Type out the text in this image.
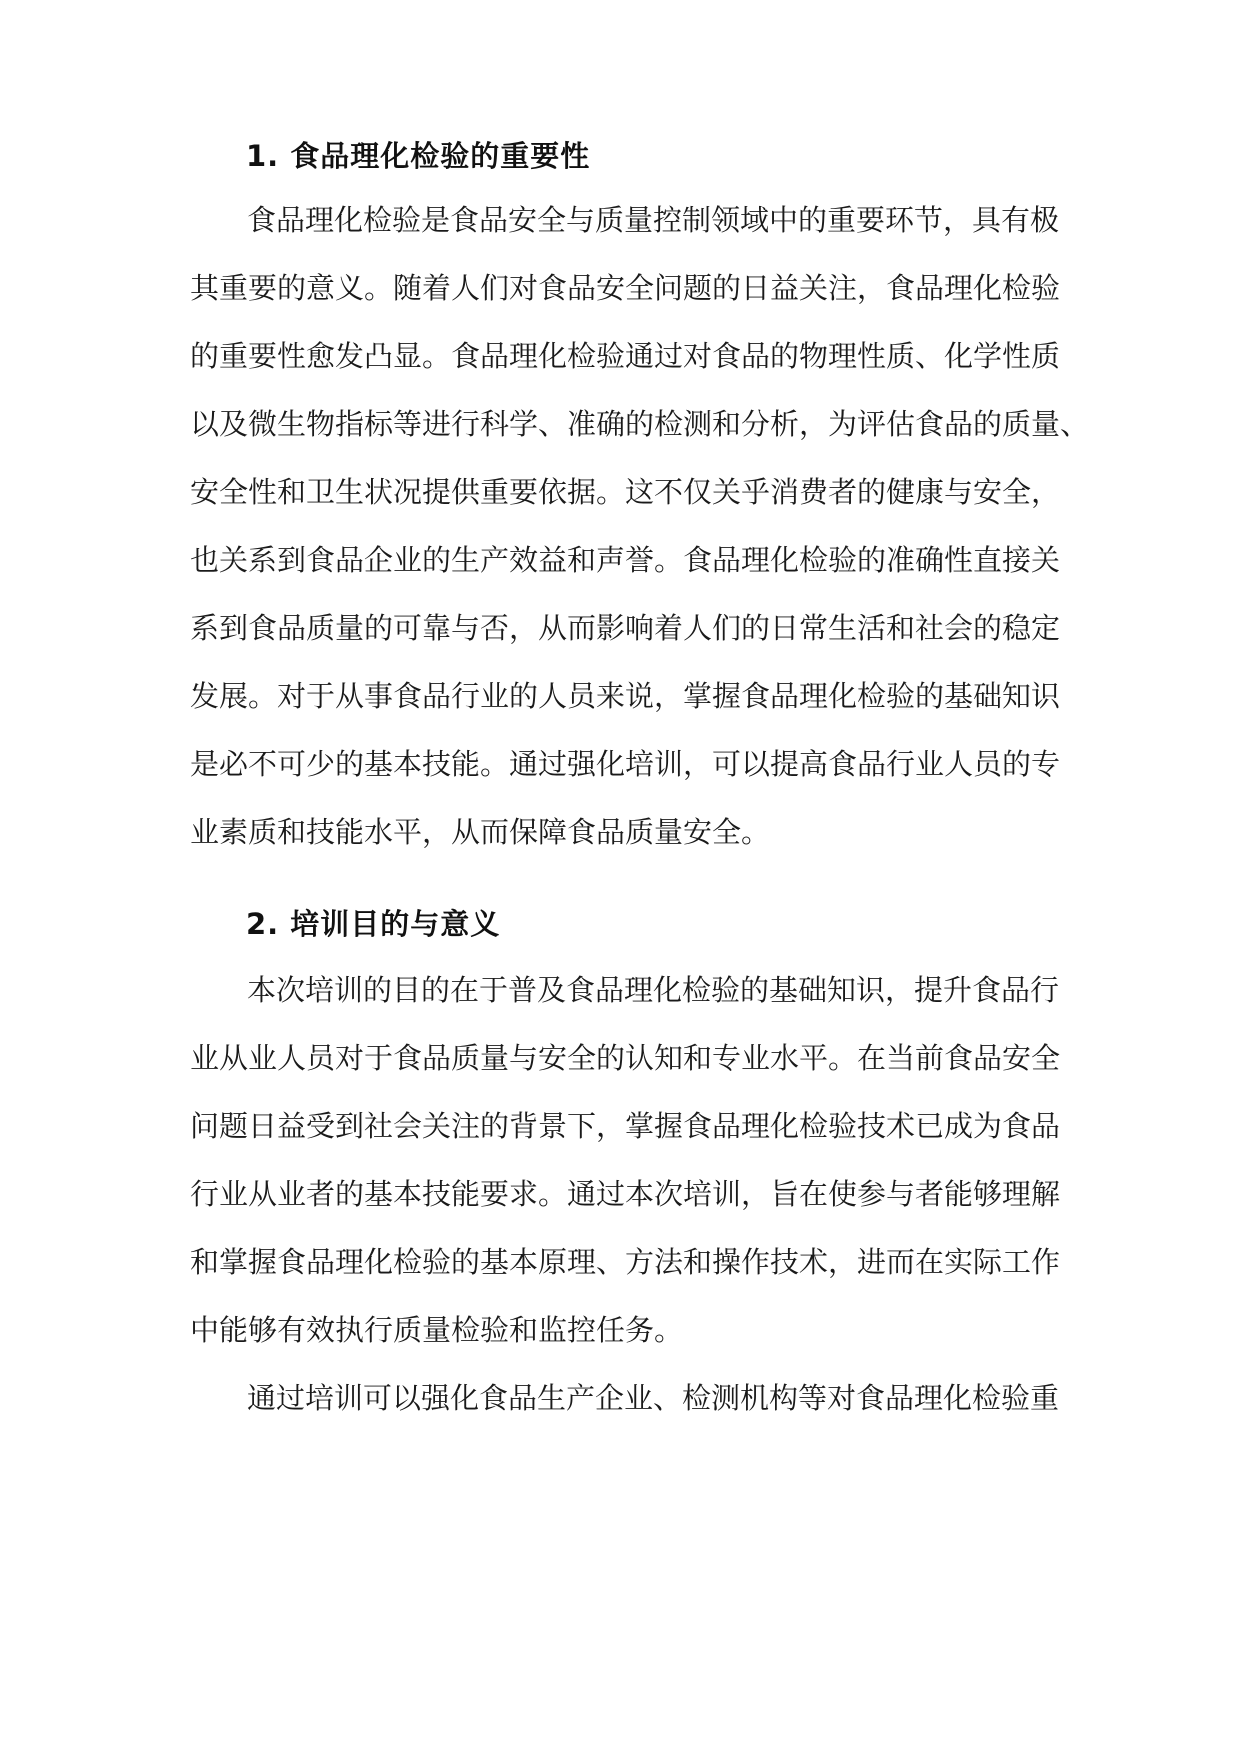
1. 食品理化检验的重要性
食品理化检验是食品安全与质量控制领域中的重要环节，具有极
其重要的意义。随着人们对食品安全问题的日益关注，食品理化检验
的重要性愈发凸显。食品理化检验通过对食品的物理性质、化学性质
以及微生物指标等进行科学、准确的检测和分析，为评估食品的质量、
安全性和卫生状况提供重要依据。这不仅关乎消费者的健康与安全，
也关系到食品企业的生产效益和声誉。食品理化检验的准确性直接关
系到食品质量的可靠与否，从而影响着人们的日常生活和社会的稳定
发展。对于从事食品行业的人员来说，掌握食品理化检验的基础知识
是必不可少的基本技能。通过强化培训，可以提高食品行业人员的专
业素质和技能水平，从而保障食品质量安全。
2. 培训目的与意义
本次培训的目的在于普及食品理化检验的基础知识，提升食品行
业从业人员对于食品质量与安全的认知和专业水平。在当前食品安全
问题日益受到社会关注的背景下，掌握食品理化检验技术已成为食品
行业从业者的基本技能要求。通过本次培训，旨在使参与者能够理解
和掌握食品理化检验的基本原理、方法和操作技术，进而在实际工作
中能够有效执行质量检验和监控任务。
通过培训可以强化食品生产企业、检测机构等对食品理化检验重
